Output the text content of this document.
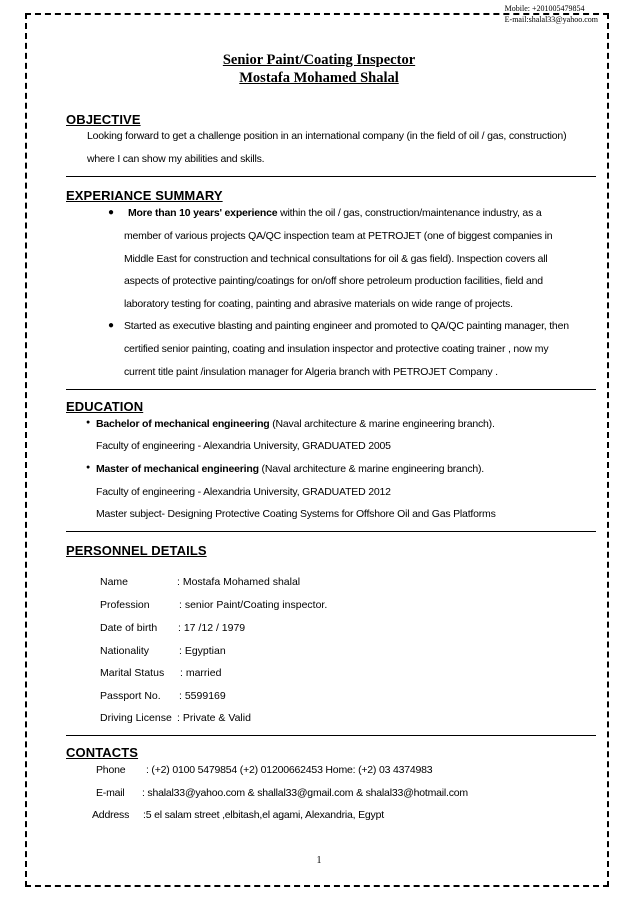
Mobile: +201005479854
E-mail:shalal33@yahoo.com
Senior Paint/Coating Inspector
Mostafa Mohamed Shalal
OBJECTIVE
Looking forward to get a challenge position in an international company (in the field of oil / gas, construction)
where I can show my abilities and skills.
EXPERIANCE SUMMARY
● More than 10 years' experience within the oil / gas, construction/maintenance industry, as a
member of various projects QA/QC inspection team at PETROJET (one of biggest companies in
Middle East for construction and technical consultations for oil & gas field). Inspection covers all
aspects of protective painting/coatings for on/off shore petroleum production facilities, field and
laboratory testing for coating, painting and abrasive materials on wide range of projects.
● Started as executive blasting and painting engineer and promoted to QA/QC painting manager, then
certified senior painting, coating and insulation inspector and protective coating trainer , now my
current title paint /insulation manager for Algeria branch with PETROJET Company .
EDUCATION
● Bachelor of mechanical engineering (Naval architecture & marine engineering branch).
Faculty of engineering - Alexandria University, GRADUATED 2005
● Master of mechanical engineering (Naval architecture & marine engineering branch).
Faculty of engineering - Alexandria University, GRADUATED 2012
Master subject- Designing Protective Coating Systems for Offshore Oil and Gas Platforms
PERSONNEL DETAILS
Name	: Mostafa Mohamed shalal
Profession	: senior Paint/Coating inspector.
Date of birth : 17 /12 / 1979
Nationality	: Egyptian
Marital Status : married
Passport No. : 5599169
Driving License : Private & Valid
CONTACTS
Phone : (+2) 0100 5479854 (+2) 01200662453 Home: (+2) 03 4374983
E-mail : shalal33@yahoo.com & shallal33@gmail.com & shalal33@hotmail.com
Address :5 el salam street ,elbitash,el agami, Alexandria, Egypt
1
